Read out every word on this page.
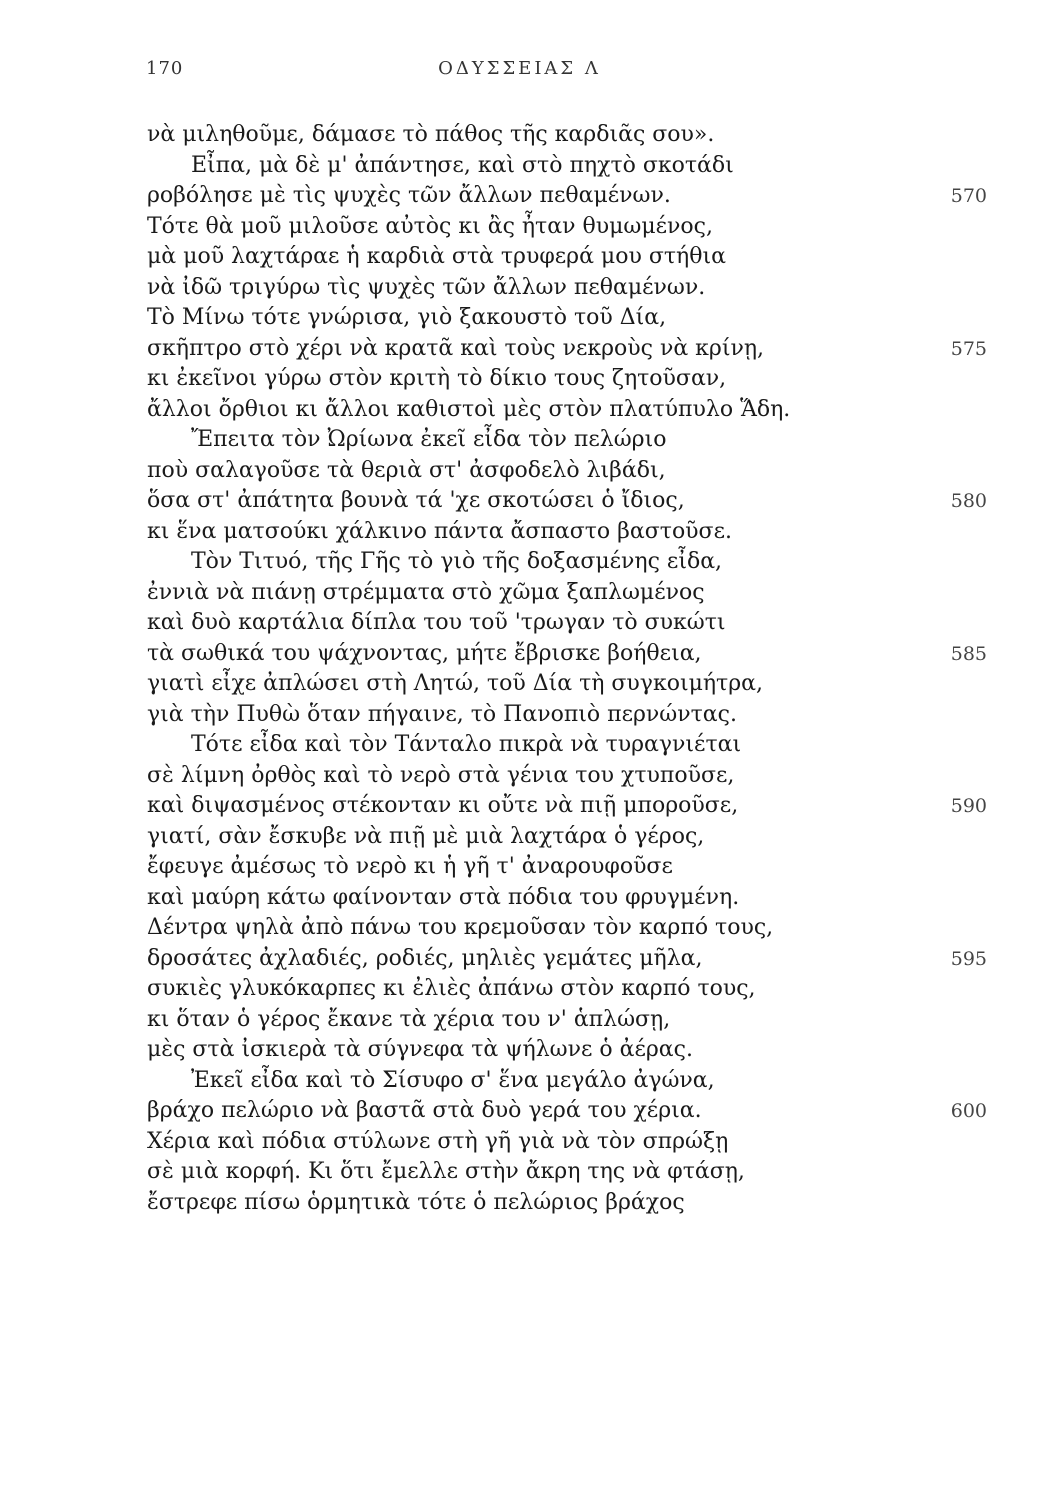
170	ΟΔΥΣΣΕΙΑΣ Λ
νὰ μιληθοῦμε, δάμασε τὸ πάθος τῆς καρδιᾶς σου».
Εἶπα, μὰ δὲ μ' ἀπάντησε, καὶ στὸ πηχτὸ σκοτάδι
ροβόλησε μὲ τὶς ψυχὲς τῶν ἄλλων πεθαμένων.	570
Τότε θὰ μοῦ μιλοῦσε αὐτὸς κι ἂς ἦταν θυμωμένος,
μὰ μοῦ λαχτάραε ἡ καρδιὰ στὰ τρυφερά μου στήθια
νὰ ἰδῶ τριγύρω τὶς ψυχὲς τῶν ἄλλων πεθαμένων.
Τὸ Μίνω τότε γνώρισα, γιὸ ξακουστὸ τοῦ Δία,
σκῆπτρο στὸ χέρι νὰ κρατᾶ καὶ τοὺς νεκροὺς νὰ κρίνῃ,	575
κι ἐκεῖνοι γύρω στὸν κριτὴ τὸ δίκιο τους ζητοῦσαν,
ἄλλοι ὄρθιοι κι ἄλλοι καθιστοὶ μὲς στὸν πλατύπυλο Ἅδη.
Ἔπειτα τὸν Ὠρίωνα ἐκεῖ εἶδα τὸν πελώριο
ποὺ σαλαγοῦσε τὰ θεριὰ στ' ἀσφοδελὸ λιβάδι,
ὅσα στ' ἀπάτητα βουνὰ τά 'χε σκοτώσει ὁ ἴδιος,	580
κι ἕνα ματσούκι χάλκινο πάντα ἄσπαστο βαστοῦσε.
Τὸν Τιτυό, τῆς Γῆς τὸ γιὸ τῆς δοξασμένης εἶδα,
ἐννιὰ νὰ πιάνῃ στρέμματα στὸ χῶμα ξαπλωμένος
καὶ δυὸ καρτάλια δίπλα του τοῦ 'τρωγαν τὸ συκώτι
τὰ σωθικά του ψάχνοντας, μήτε ἔβρισκε βοήθεια,	585
γιατὶ εἶχε ἀπλώσει στὴ Λητώ, τοῦ Δία τὴ συγκοιμήτρα,
γιὰ τὴν Πυθὼ ὅταν πήγαινε, τὸ Πανοπιὸ περνώντας.
Τότε εἶδα καὶ τὸν Τάνταλο πικρὰ νὰ τυραγνιέται
σὲ λίμνη ὀρθὸς καὶ τὸ νερὸ στὰ γένια του χτυποῦσε,
καὶ διψασμένος στέκονταν κι οὔτε νὰ πιῇ μποροῦσε,	590
γιατί, σὰν ἔσκυβε νὰ πιῇ μὲ μιὰ λαχτάρα ὁ γέρος,
ἔφευγε ἀμέσως τὸ νερὸ κι ἡ γῆ τ' ἀναρουφοῦσε
καὶ μαύρη κάτω φαίνονταν στὰ πόδια του φρυγμένη.
Δέντρα ψηλὰ ἀπὸ πάνω του κρεμοῦσαν τὸν καρπό τους,
δροσάτες ἀχλαδιές, ροδιές, μηλιὲς γεμάτες μῆλα,	595
συκιὲς γλυκόκαρπες κι ἐλιὲς ἀπάνω στὸν καρπό τους,
κι ὅταν ὁ γέρος ἔκανε τὰ χέρια του ν' ἁπλώσῃ,
μὲς στὰ ἰσκιερὰ τὰ σύγνεφα τὰ ψήλωνε ὁ ἀέρας.
Ἐκεῖ εἶδα καὶ τὸ Σίσυφο σ' ἕνα μεγάλο ἀγώνα,
βράχο πελώριο νὰ βαστᾶ στὰ δυὸ γερά του χέρια.	600
Χέρια καὶ πόδια στύλωνε στὴ γῆ γιὰ νὰ τὸν σπρώξῃ
σὲ μιὰ κορφή. Κι ὅτι ἔμελλε στὴν ἄκρη της νὰ φτάσῃ,
ἔστρεφε πίσω ὁρμητικὰ τότε ὁ πελώριος βράχος
